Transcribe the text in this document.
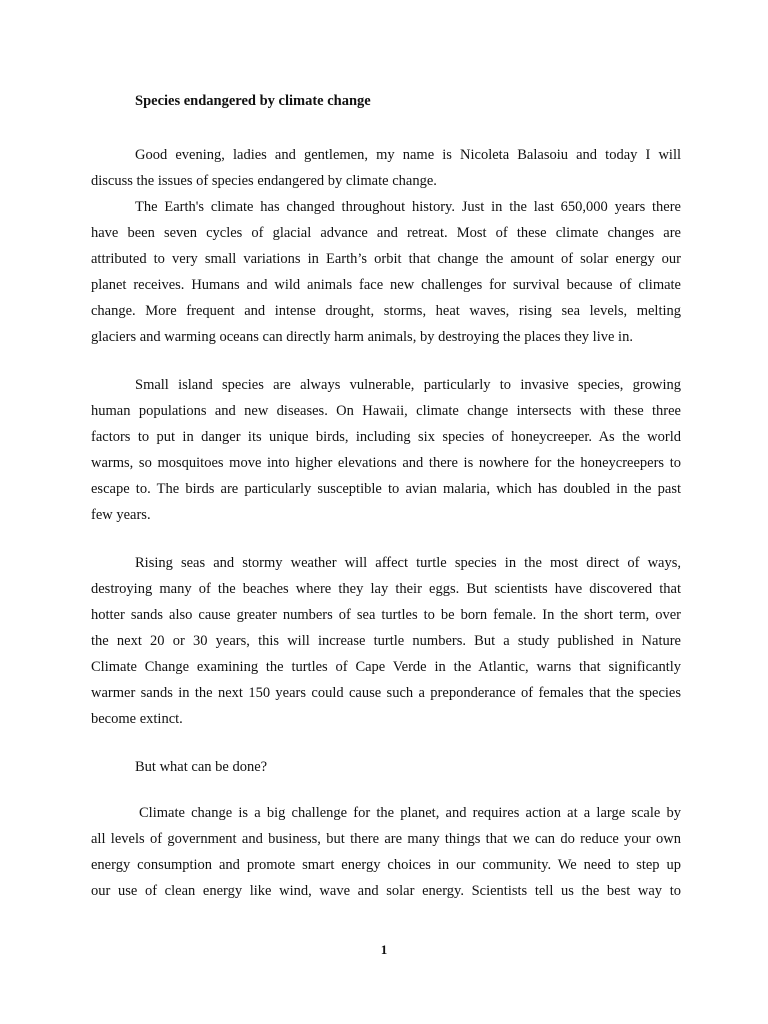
Species endangered by climate change
Good evening, ladies and gentlemen, my name is Nicoleta Balasoiu and today I will
discuss the issues of species endangered by climate change.
The Earth's climate has changed throughout history. Just in the last 650,000 years there
have been seven cycles of glacial advance and retreat. Most of these climate changes are
attributed to very small variations in Earth’s orbit that change the amount of solar energy our
planet receives. Humans and wild animals face new challenges for survival because of climate
change. More frequent and intense drought, storms, heat waves, rising sea levels, melting
glaciers and warming oceans can directly harm animals, by destroying the places they live in.
Small island species are always vulnerable, particularly to invasive species, growing
human populations and new diseases. On Hawaii, climate change intersects with these three
factors to put in danger its unique birds, including six species of honeycreeper. As the world
warms, so mosquitoes move into higher elevations and there is nowhere for the honeycreepers to
escape to. The birds are particularly susceptible to avian malaria, which has doubled in the past
few years.
Rising seas and stormy weather will affect turtle species in the most direct of ways,
destroying many of the beaches where they lay their eggs. But scientists have discovered that
hotter sands also cause greater numbers of sea turtles to be born female. In the short term, over
the next 20 or 30 years, this will increase turtle numbers. But a study published in Nature
Climate Change examining the turtles of Cape Verde in the Atlantic, warns that significantly
warmer sands in the next 150 years could cause such a preponderance of females that the species
become extinct.
But what can be done?
Climate change is a big challenge for the planet, and requires action at a large scale by
all levels of government and business, but there are many things that we can do reduce your own
energy consumption and promote smart energy choices in our community. We need to step up
our use of clean energy like wind, wave and solar energy. Scientists tell us the best way to
1
